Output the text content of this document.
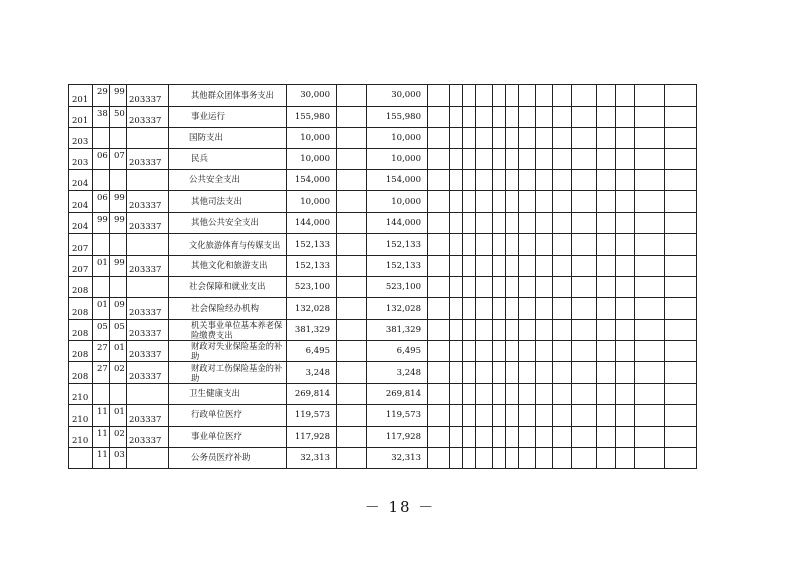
201	29	99	203337	其他群众团体事务支出	30,000		30,000														
201	38	50	203337	事业运行	155,980		155,980														
203				国防支出	10,000		10,000														
203	06	07	203337	民兵	10,000		10,000														
204				公共安全支出	154,000		154,000														
204	06	99	203337	其他司法支出	10,000		10,000														
204	99	99	203337	其他公共安全支出	144,000		144,000														
207				文化旅游体育与传媒支出	152,133		152,133														
207	01	99	203337	其他文化和旅游支出	152,133		152,133														
208				社会保障和就业支出	523,100		523,100														
208	01	09	203337	社会保险经办机构	132,028		132,028														
208	05	05	203337	机关事业单位基本养老保险缴费支出	381,329		381,329														
208	27	01	203337	财政对失业保险基金的补助	6,495		6,495														
208	27	02	203337	财政对工伤保险基金的补助	3,248		3,248														
210				卫生健康支出	269,814		269,814														
210	11	01	203337	行政单位医疗	119,573		119,573														
210	11	02	203337	事业单位医疗	117,928		117,928														
	11	03		公务员医疗补助	32,313		32,313														
－ 18 －
